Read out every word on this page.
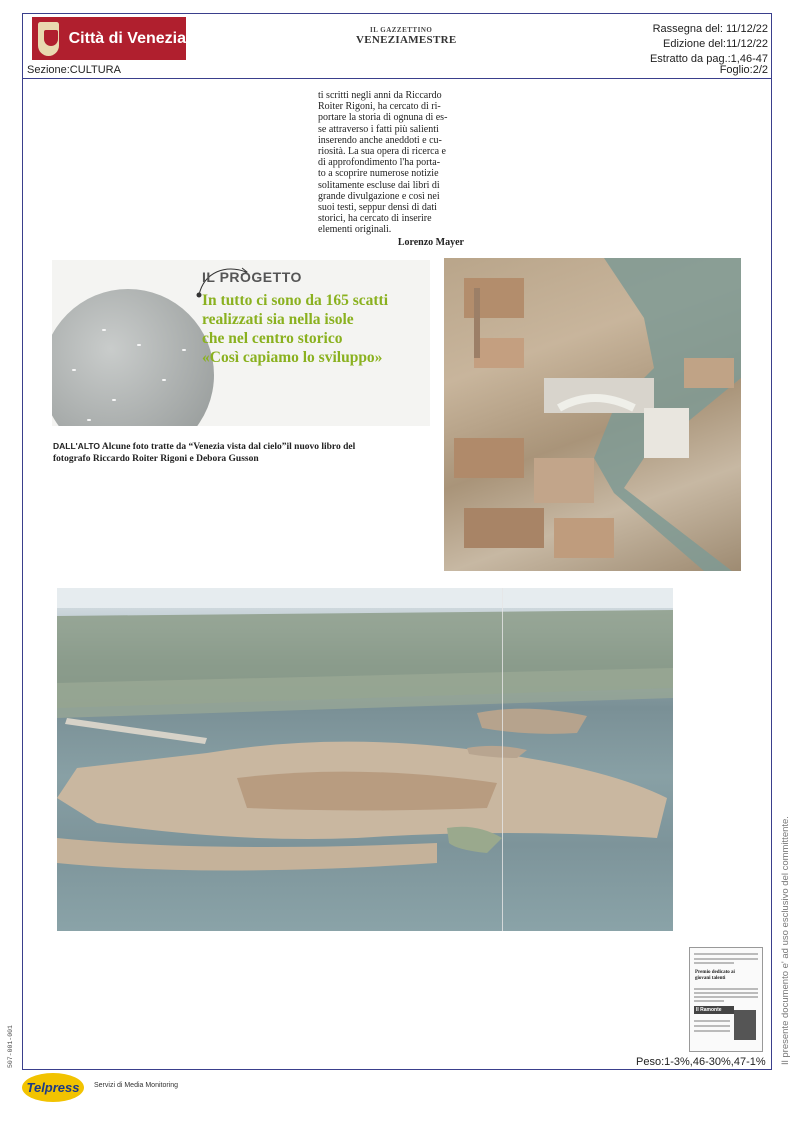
Città di Venezia	IL GAZZETTINO
VENEZIAMESTRE
Rassegna del: 11/12/22
Edizione del:11/12/22
Estratto da pag.:1,46-47
Sezione:CULTURA	Foglio:2/2
ti scritti negli anni da Riccardo
Roiter Rigoni, ha cercato di ri-
portare la storia di ognuna di es-
se attraverso i fatti più salienti
inserendo anche aneddoti e cu-
riosità. La sua opera di ricerca e
di approfondimento l'ha porta-
to a scoprire numerose notizie
solitamente escluse dai libri di
grande divulgazione e così nei
suoi testi, seppur densi di dati
storici, ha cercato di inserire
elementi originali.
Lorenzo Mayer
IL PROGETTO
In tutto ci sono da 165 scatti
realizzati sia nella isole
che nel centro storico
«Così capiamo lo sviluppo»
DALL'ALTO Alcune foto tratte da “Venezia vista dal cielo”il nuovo libro del fotografo Riccardo Roiter Rigoni e Debora Gusson
Premio dedicato ai giovani talenti
Il Ramonte
Peso:1-3%,46-30%,47-1% Il presente documento e' ad uso esclusivo del committente.
507-001-001
Telpress Servizi di Media Monitoring
